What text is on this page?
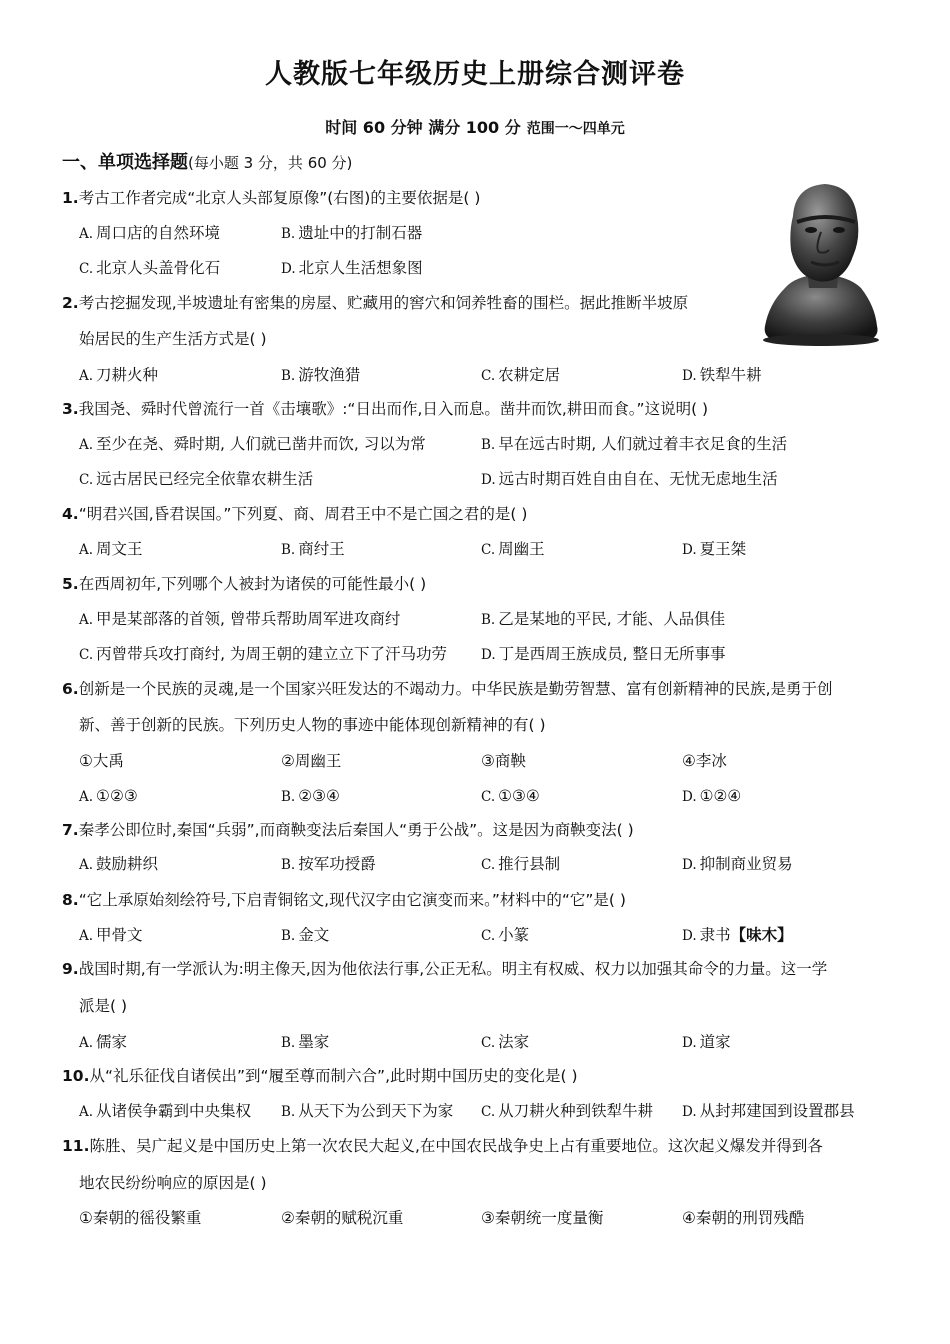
人教版七年级历史上册综合测评卷
时间 60 分钟 满分 100 分 范围一～四单元
一、单项选择题(每小题 3 分，共 60 分)
1.考古工作者完成“北京人头部复原像”(右图)的主要依据是( )
A. 周口店的自然环境	B. 遗址中的打制石器
C. 北京人头盖骨化石	D. 北京人生活想象图
2.考古挖掘发现,半坡遗址有密集的房屋、贮藏用的窖穴和饲养牲畜的围栏。据此推断半坡原
始居民的生产生活方式是( )
A. 刀耕火种	B. 游牧渔猎	C. 农耕定居	D. 铁犁牛耕
3.我国尧、舜时代曾流行一首《击壤歌》:“日出而作,日入而息。凿井而饮,耕田而食。”这说明( )
A. 至少在尧、舜时期, 人们就已凿井而饮, 习以为常	B. 早在远古时期, 人们就过着丰衣足食的生活
C. 远古居民已经完全依靠农耕生活	D. 远古时期百姓自由自在、无忧无虑地生活
4.“明君兴国,昏君误国。”下列夏、商、周君王中不是亡国之君的是( )
A. 周文王	B. 商纣王	C. 周幽王	D. 夏王桀
5.在西周初年,下列哪个人被封为诸侯的可能性最小( )
A. 甲是某部落的首领, 曾带兵帮助周军进攻商纣	B. 乙是某地的平民, 才能、人品俱佳
C. 丙曾带兵攻打商纣, 为周王朝的建立立下了汗马功劳	D. 丁是西周王族成员, 整日无所事事
6.创新是一个民族的灵魂,是一个国家兴旺发达的不竭动力。中华民族是勤劳智慧、富有创新精神的民族,是勇于创
新、善于创新的民族。下列历史人物的事迹中能体现创新精神的有( )
①大禹	②周幽王	③商鞅	④李冰
A. ①②③	B. ②③④	C. ①③④	D. ①②④
7.秦孝公即位时,秦国“兵弱”,而商鞅变法后秦国人“勇于公战”。这是因为商鞅变法( )
A. 鼓励耕织	B. 按军功授爵	C. 推行县制	D. 抑制商业贸易
8.“它上承原始刻绘符号,下启青铜铭文,现代汉字由它演变而来。”材料中的“它”是( )
A. 甲骨文	B. 金文	C. 小篆	D. 隶书【味木】
9.战国时期,有一学派认为:明主像天,因为他依法行事,公正无私。明主有权威、权力以加强其命令的力量。这一学
派是( )
A. 儒家	B. 墨家	C. 法家	D. 道家
10.从“礼乐征伐自诸侯出”到“履至尊而制六合”,此时期中国历史的变化是( )
A. 从诸侯争霸到中央集权 B. 从天下为公到天下为家 C. 从刀耕火种到铁犁牛耕 D. 从封邦建国到设置郡县
11.陈胜、吴广起义是中国历史上第一次农民大起义,在中国农民战争史上占有重要地位。这次起义爆发并得到各
地农民纷纷响应的原因是( )
①秦朝的徭役繁重	②秦朝的赋税沉重	③秦朝统一度量衡	④秦朝的刑罚残酷
